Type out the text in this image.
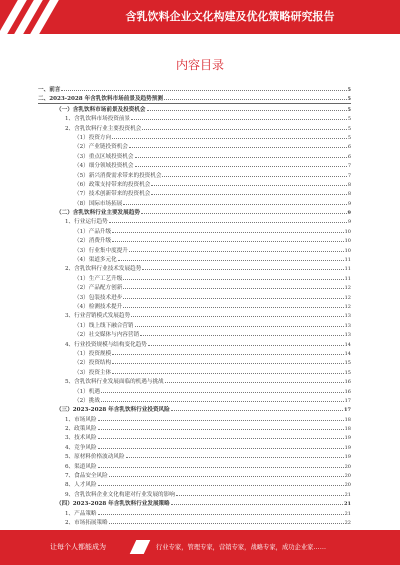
含乳饮料企业文化构建及优化策略研究报告
内容目录
一、前言	5
二、2023-2028 年含乳饮料市场前景及趋势预测	5
（一）含乳饮料市场前景及投资机会	5
1、含乳饮料市场投资前景	5
2、含乳饮料行业主要投资机会	5
（1）投资方向	5
（2）产业链投资机会	6
（3）重点区域投资机会	6
（4）细分领域投资机会	7
（5）新兴消费需求带来的投资机会	7
（6）政策支持带来的投资机会	8
（7）技术创新带来的投资机会	8
（8）国际市场拓展	9
（二）含乳饮料行业主要发展趋势	9
1、行业运行趋势	9
（1）产品升级	10
（2）消费升级	10
（3）行业集中度提升	10
（4）渠道多元化	11
2、含乳饮料行业技术发展趋势	11
（1）生产工艺升级	11
（2）产品配方创新	12
（3）包装技术进步	12
（4）检测技术提升	12
3、行业营销模式发展趋势	13
（1）线上线下融合营销	13
（2）社交媒体与内容营销	13
4、行业投资规模与结构变化趋势	14
（1）投资规模	14
（2）投资结构	15
（3）投资主体	15
5、含乳饮料行业发展面临的机遇与挑战	16
（1）机遇	16
（2）挑战	17
（三）2023-2028 年含乳饮料行业投资风险	17
1、市场风险	18
2、政策风险	18
3、技术风险	19
4、竞争风险	19
5、原材料价格波动风险	19
6、渠道风险	20
7、食品安全风险	20
8、人才风险	20
9、含乳饮料企业文化构建对行业发展的影响	21
（四）2023-2028 年含乳饮料行业发展策略	21
1、产品策略	21
2、市场拓展策略	22
让每个人都能成为	行业专家，管理专家，营销专家，战略专家，成功企业家……
